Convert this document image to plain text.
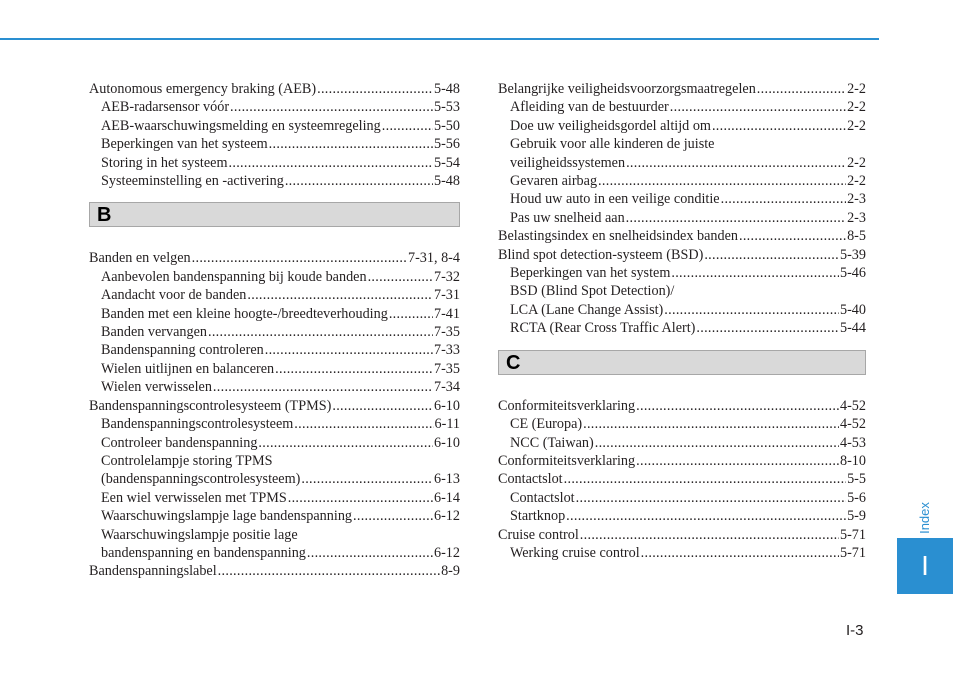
Autonomous emergency braking (AEB) .....	5-48
AEB-radarsensor vóór .....	5-53
AEB-waarschuwingsmelding en systeemregeling .....	5-50
Beperkingen van het systeem .....	5-56
Storing in het systeem .....	5-54
Systeeminstelling en -activering .....	5-48
B
Banden en velgen .....	7-31, 8-4
Aanbevolen bandenspanning bij koude banden .....	7-32
Aandacht voor de banden .....	7-31
Banden met een kleine hoogte-/breedteverhouding .....	7-41
Banden vervangen .....	7-35
Bandenspanning controleren .....	7-33
Wielen uitlijnen en balanceren .....	7-35
Wielen verwisselen .....	7-34
Bandenspanningscontrolesysteem (TPMS) .....	6-10
Bandenspanningscontrolesysteem .....	6-11
Controleer bandenspanning .....	6-10
Controlelampje storing TPMS
(bandenspanningscontrolesysteem) .....	6-13
Een wiel verwisselen met TPMS .....	6-14
Waarschuwingslampje lage bandenspanning .....	6-12
Waarschuwingslampje positie lage
bandenspanning en bandenspanning .....	6-12
Bandenspanningslabel .....	8-9
Belangrijke veiligheidsvoorzorgsmaatregelen .....	2-2
Afleiding van de bestuurder .....	2-2
Doe uw veiligheidsgordel altijd om .....	2-2
Gebruik voor alle kinderen de juiste
veiligheidssystemen .....	2-2
Gevaren airbag .....	2-2
Houd uw auto in een veilige conditie .....	2-3
Pas uw snelheid aan .....	2-3
Belastingsindex en snelheidsindex banden .....	8-5
Blind spot detection-systeem (BSD) .....	5-39
Beperkingen van het system .....	5-46
BSD (Blind Spot Detection)/
LCA (Lane Change Assist) .....	5-40
RCTA (Rear Cross Traffic Alert) .....	5-44
C
Conformiteitsverklaring .....	4-52
CE (Europa) .....	4-52
NCC (Taiwan) .....	4-53
Conformiteitsverklaring .....	8-10
Contactslot .....	5-5
Contactslot .....	5-6
Startknop .....	5-9
Cruise control .....	5-71
Werking cruise control .....	5-71
Index
I
I-3
